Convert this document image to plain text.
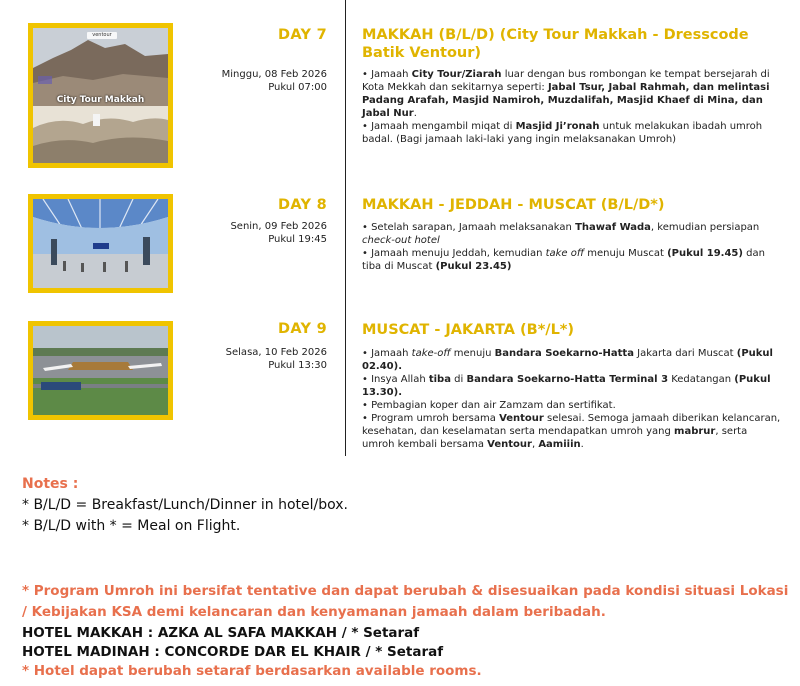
City Tour Makkah
ventour	DAY 7
Minggu, 08 Feb 2026
Pukul 07:00
MAKKAH (B/L/D) (City Tour Makkah - Dresscode Batik Ventour)

• Jamaah City Tour/Ziarah luar dengan bus rombongan ke tempat bersejarah di Kota Mekkah dan sekitarnya seperti: Jabal Tsur, Jabal Rahmah, dan melintasi Padang Arafah, Masjid Namiroh, Muzdalifah, Masjid Khaef di Mina, dan Jabal Nur.

• Jamaah mengambil miqat di Masjid Ji’ronah untuk melakukan ibadah umroh badal. (Bagi jamaah laki-laki yang ingin melaksanakan Umroh)

DAY 8
Senin, 09 Feb 2026
Pukul 19:45
MAKKAH - JEDDAH - MUSCAT (B/L/D*)

• Setelah sarapan, Jamaah melaksanakan Thawaf Wada, kemudian persiapan check-out hotel

• Jamaah menuju Jeddah, kemudian take off menuju Muscat (Pukul 19.45) dan tiba di Muscat (Pukul 23.45)

DAY 9
Selasa, 10 Feb 2026
Pukul 13:30
MUSCAT - JAKARTA (B*/L*)

• Jamaah take-off menuju Bandara Soekarno-Hatta Jakarta dari Muscat (Pukul 02.40).

• Insya Allah tiba di Bandara Soekarno-Hatta Terminal 3 Kedatangan (Pukul 13.30).

• Pembagian koper dan air Zamzam dan sertifikat.

• Program umroh bersama Ventour selesai. Semoga jamaah diberikan kelancaran, kesehatan, dan keselamatan serta mendapatkan umroh yang mabrur, serta umroh kembali bersama Ventour, Aamiiin.

Notes :
* B/L/D = Breakfast/Lunch/Dinner in hotel/box.
* B/L/D with * = Meal on Flight.
* Program Umroh ini bersifat tentative dan dapat berubah & disesuaikan pada kondisi situasi Lokasi / Kebijakan KSA demi kelancaran dan kenyamanan jamaah dalam beribadah.
HOTEL MAKKAH : AZKA AL SAFA MAKKAH / * Setaraf
HOTEL MADINAH : CONCORDE DAR EL KHAIR / * Setaraf
* Hotel dapat berubah setaraf berdasarkan available rooms.
